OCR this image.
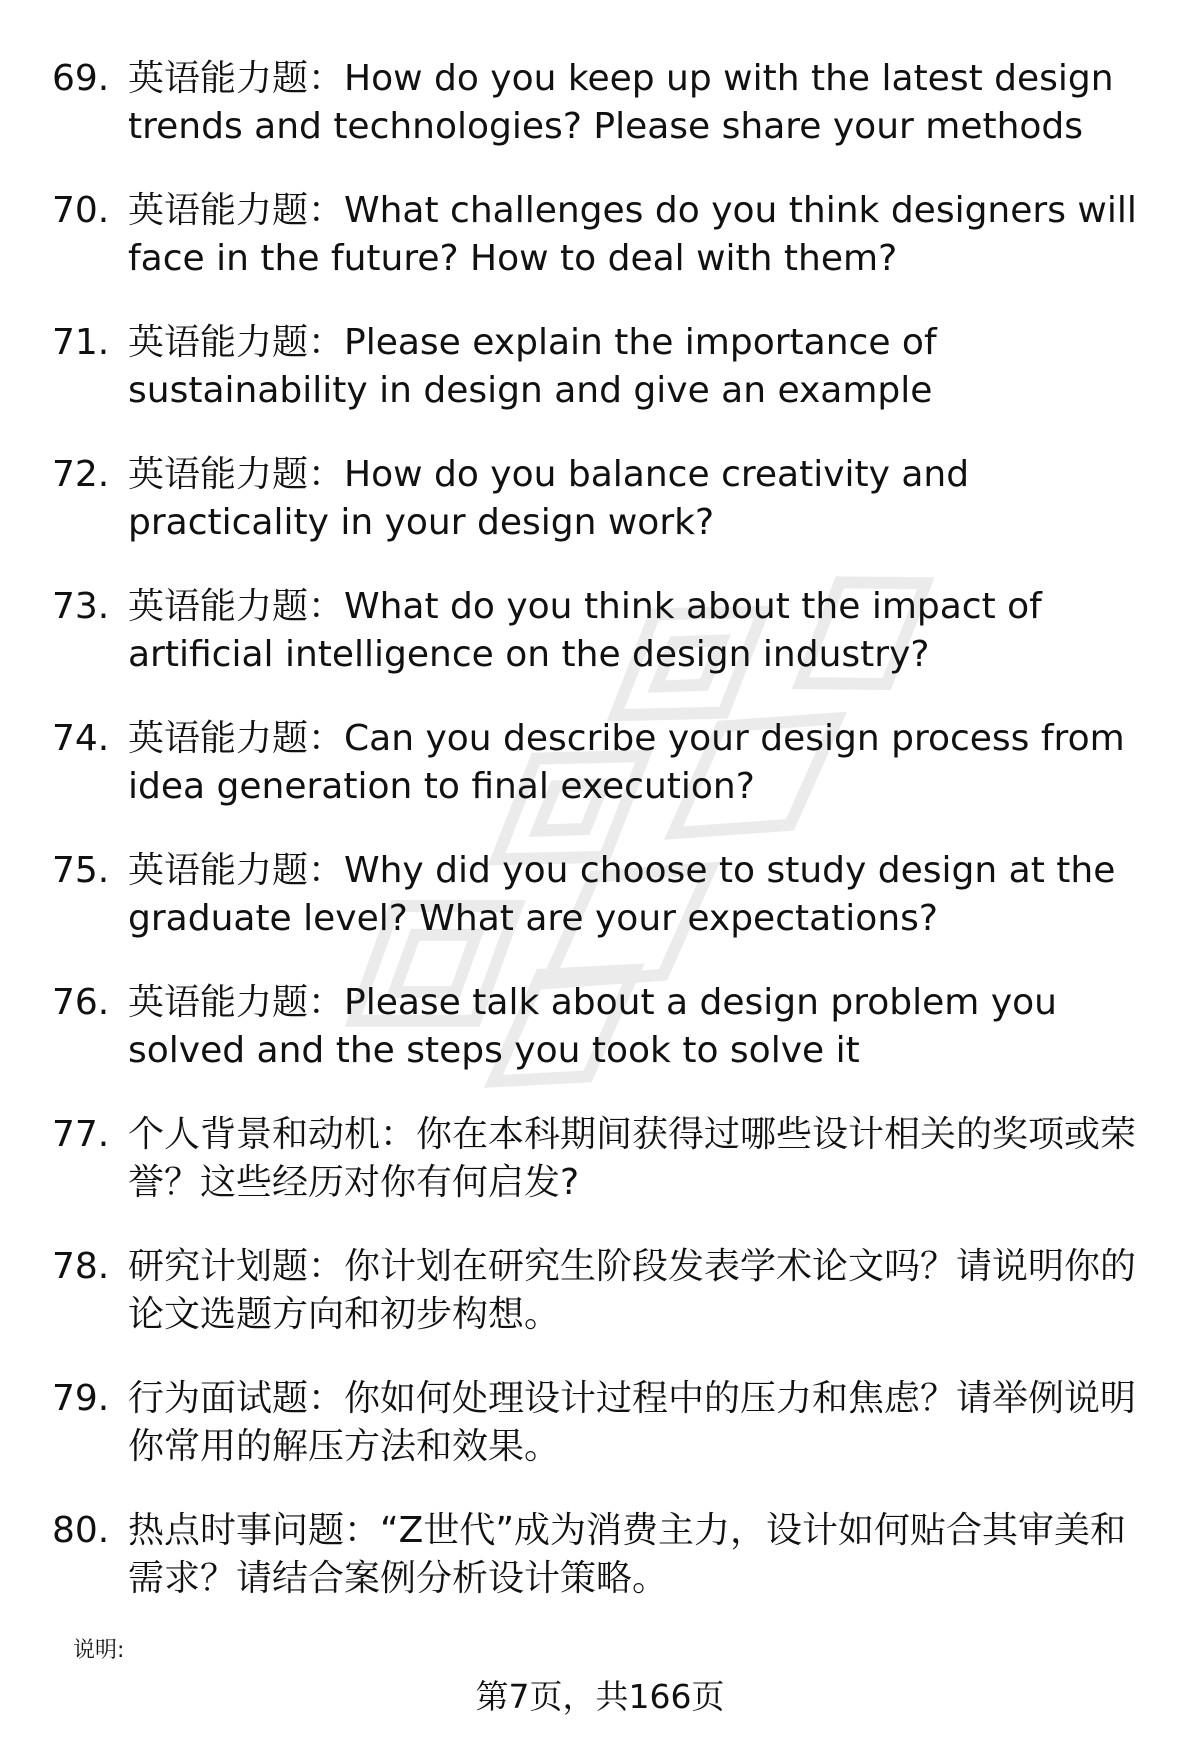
69. 英语能力题：How do you keep up with the latest design trends and technologies? Please share your methods
70. 英语能力题：What challenges do you think designers will face in the future? How to deal with them?
71. 英语能力题：Please explain the importance of sustainability in design and give an example
72. 英语能力题：How do you balance creativity and practicality in your design work?
73. 英语能力题：What do you think about the impact of artificial intelligence on the design industry?
74. 英语能力题：Can you describe your design process from idea generation to final execution?
75. 英语能力题：Why did you choose to study design at the graduate level? What are your expectations?
76. 英语能力题：Please talk about a design problem you solved and the steps you took to solve it
77. 个人背景和动机：你在本科期间获得过哪些设计相关的奖项或荣誉？这些经历对你有何启发?
78. 研究计划题：你计划在研究生阶段发表学术论文吗？请说明你的论文选题方向和初步构想。
79. 行为面试题：你如何处理设计过程中的压力和焦虑？请举例说明你常用的解压方法和效果。
80. 热点时事问题：“Z世代”成为消费主力，设计如何贴合其审美和需求？请结合案例分析设计策略。
说明:
第7页，共166页
